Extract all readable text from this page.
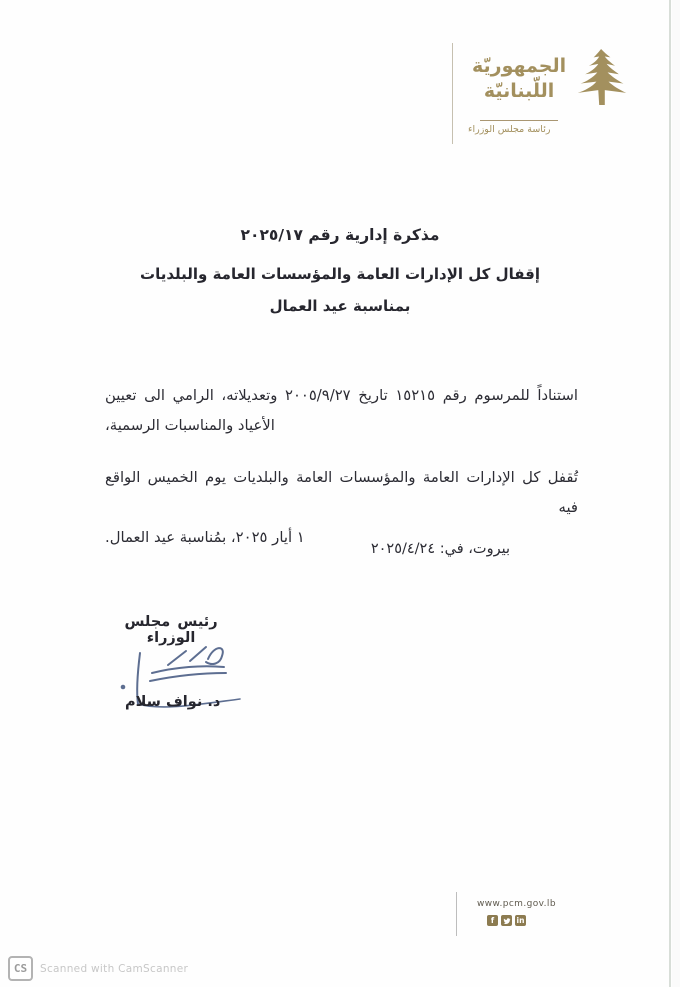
الجمهوريّة
اللّبنانيّة
رئاسة مجلس الوزراء
مذكرة إدارية رقم ٢٠٢٥/١٧
إقفال كل الإدارات العامة والمؤسسات العامة والبلديات
بمناسبة عيد العمال
استناداً للمرسوم رقم ١٥٢١٥ تاريخ ٢٠٠٥/٩/٢٧ وتعديلاته، الرامي الى تعيين
الأعياد والمناسبات الرسمية،
تُقفل كل الإدارات العامة والمؤسسات العامة والبلديات يوم الخميس الواقع فيه
١ أيار ٢٠٢٥، بمُناسبة عيد العمال.
بيروت، في: ٢٠٢٥/٤/٢٤
رئيس مجلس الوزراء
د. نواف سلام
www.pcm.gov.lb
f	in
CS	Scanned with CamScanner
